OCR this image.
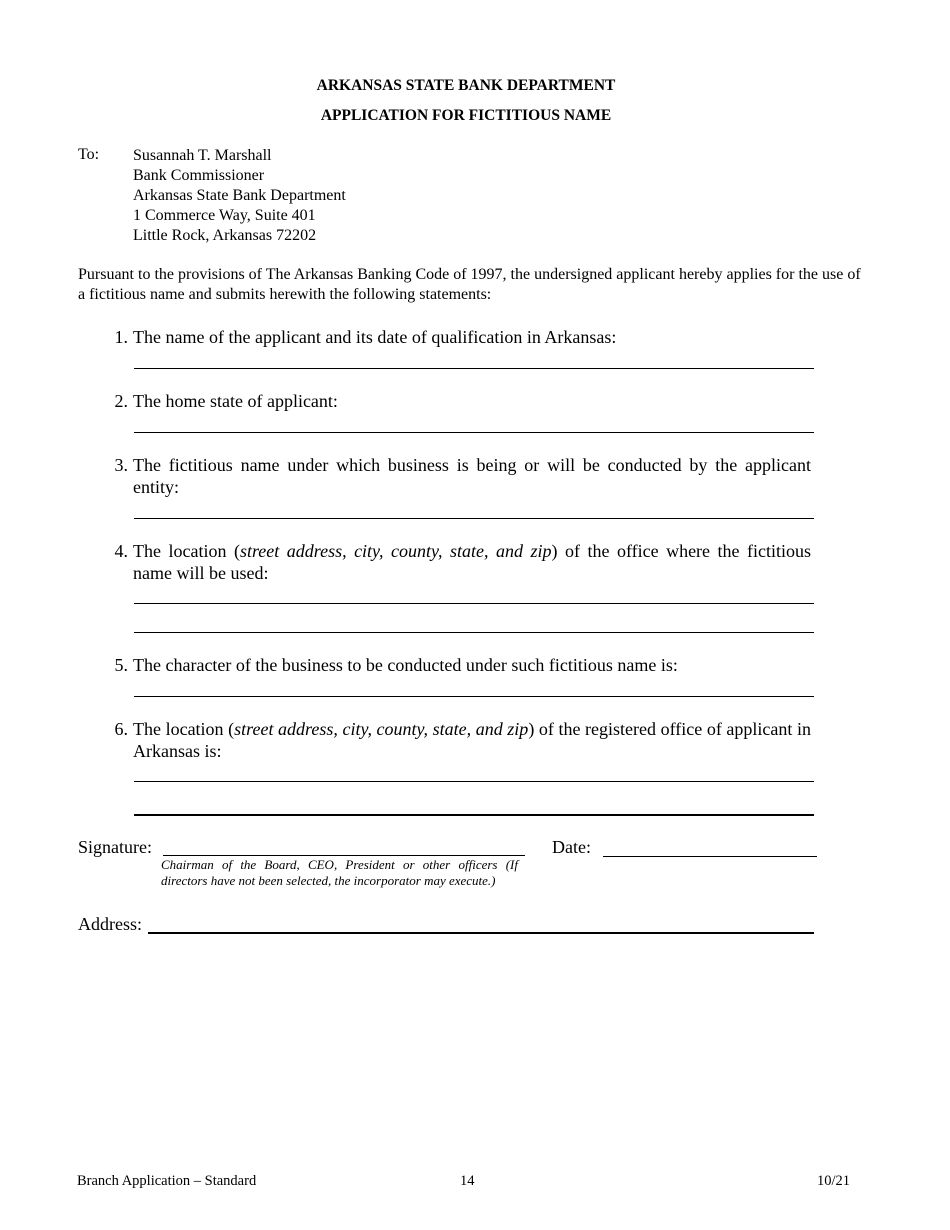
ARKANSAS STATE BANK DEPARTMENT
APPLICATION FOR FICTITIOUS NAME
To: Susannah T. Marshall
Bank Commissioner
Arkansas State Bank Department
1 Commerce Way, Suite 401
Little Rock, Arkansas 72202
Pursuant to the provisions of The Arkansas Banking Code of 1997, the undersigned applicant hereby applies for the use of a fictitious name and submits herewith the following statements:
1. The name of the applicant and its date of qualification in Arkansas:
2. The home state of applicant:
3. The fictitious name under which business is being or will be conducted by the applicant entity:
4. The location (street address, city, county, state, and zip) of the office where the fictitious name will be used:
5. The character of the business to be conducted under such fictitious name is:
6. The location (street address, city, county, state, and zip) of the registered office of applicant in Arkansas is:
Signature:
Chairman of the Board, CEO, President or other officers (If directors have not been selected, the incorporator may execute.)
Date:
Address:
Branch Application – Standard	14	10/21
